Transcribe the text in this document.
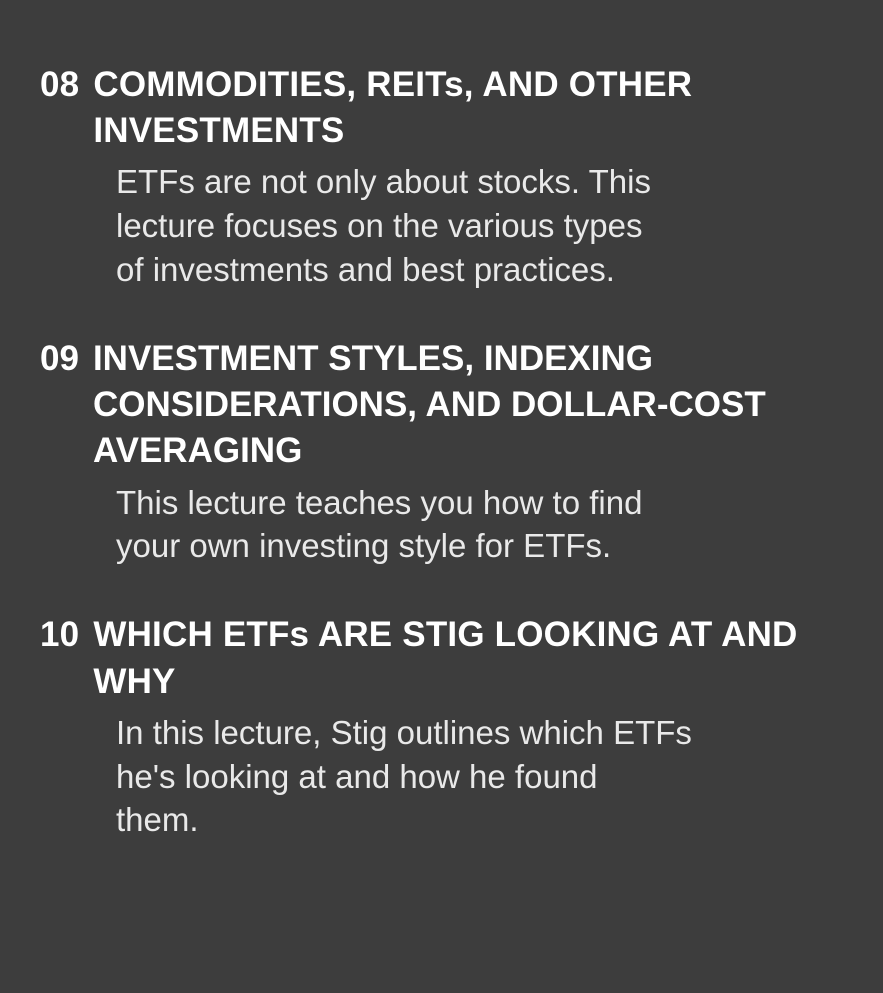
08 COMMODITIES, REITs, AND OTHER INVESTMENTS
ETFs are not only about stocks. This
lecture focuses on the various types
of investments and best practices.
09 INVESTMENT STYLES, INDEXING CONSIDERATIONS, AND DOLLAR-COST AVERAGING
This lecture teaches you how to find
your own investing style for ETFs.
10 WHICH ETFs ARE STIG LOOKING AT AND WHY
In this lecture, Stig outlines which ETFs
he's looking at and how he found
them.
